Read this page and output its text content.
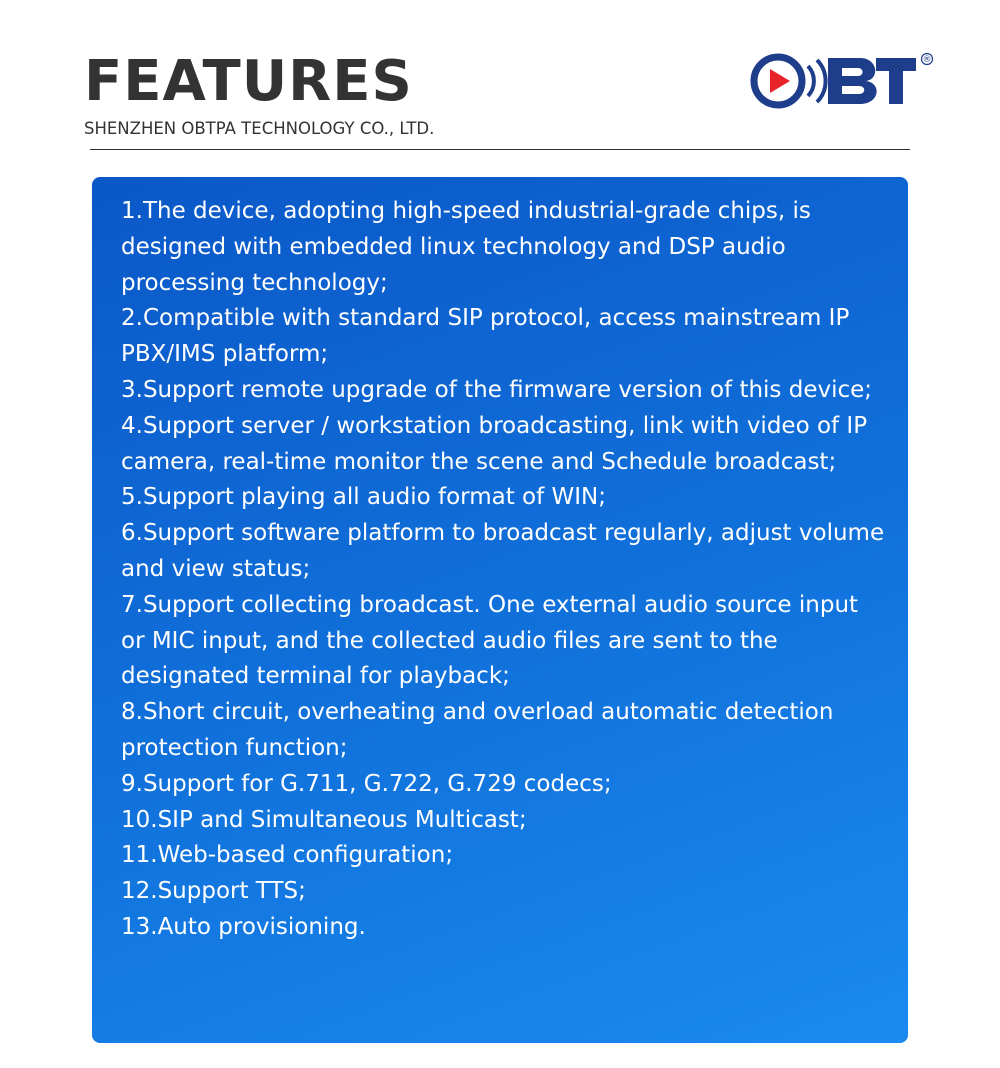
FEATURES

SHENZHEN OBTPA TECHNOLOGY CO., LTD.

®
1.The device, adopting high-speed industrial-grade chips, is designed with embedded linux technology and DSP audio processing technology;
2.Compatible with standard SIP protocol, access mainstream IP PBX/IMS platform;
3.Support remote upgrade of the firmware version of this device;
4.Support server / workstation broadcasting, link with video of IP camera, real-time monitor the scene and Schedule broadcast;
5.Support playing all audio format of WIN;
6.Support software platform to broadcast regularly, adjust volume and view status;
7.Support collecting broadcast. One external audio source input or MIC input, and the collected audio files are sent to the designated terminal for playback;
8.Short circuit, overheating and overload automatic detection protection function;
9.Support for G.711, G.722, G.729 codecs;
10.SIP and Simultaneous Multicast;
11.Web-based configuration;
12.Support TTS;
13.Auto provisioning.
